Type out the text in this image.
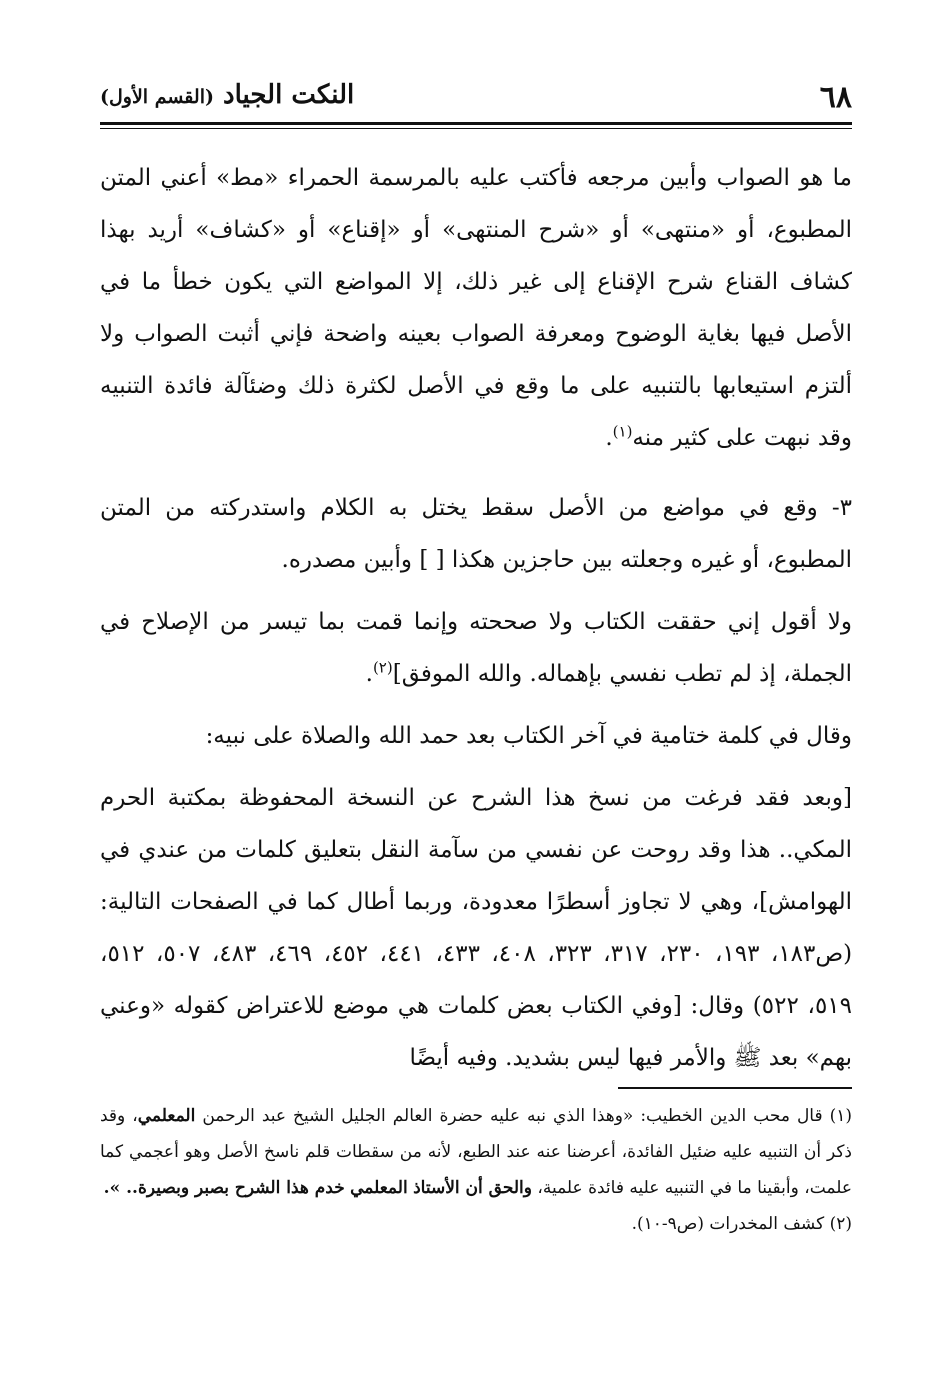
٦٨
النكت الجياد (القسم الأول)

ما هو الصواب وأبين مرجعه فأكتب عليه بالمرسمة الحمراء «مط» أعني المتن المطبوع، أو «منتهى» أو «شرح المنتهى» أو «إقناع» أو «كشاف» أريد بهذا كشاف القناع شرح الإقناع إلى غير ذلك، إلا المواضع التي يكون خطأ ما في الأصل فيها بغاية الوضوح ومعرفة الصواب بعينه واضحة فإني أثبت الصواب ولا ألتزم استيعابها بالتنبيه على ما وقع في الأصل لكثرة ذلك وضئآلة فائدة التنبيه وقد نبهت على كثير منه$^{(١)}$.

٣- وقع في مواضع من الأصل سقط يختل به الكلام واستدركته من المتن المطبوع، أو غيره وجعلته بين حاجزين هكذا [ ] وأبين مصدره.

ولا أقول إني حققت الكتاب ولا صححته وإنما قمت بما تيسر من الإصلاح في الجملة، إذ لم تطب نفسي بإهماله. والله الموفق]$^{(٢)}$.

وقال في كلمة ختامية في آخر الكتاب بعد حمد الله والصلاة على نبيه:

[وبعد فقد فرغت من نسخ هذا الشرح عن النسخة المحفوظة بمكتبة الحرم المكي.. هذا وقد روحت عن نفسي من سآمة النقل بتعليق كلمات من عندي في الهوامش]، وهي لا تجاوز أسطرًا معدودة، وربما أطال كما في الصفحات التالية: (ص١٨٣، ١٩٣، ٢٣٠، ٣١٧، ٣٢٣، ٤٠٨، ٤٣٣، ٤٤١، ٤٥٢، ٤٦٩، ٤٨٣، ٥٠٧، ٥١٢، ٥١٩، ٥٢٢) وقال: [وفي الكتاب بعض كلمات هي موضع للاعتراض كقوله «وعني بهم» بعد ﷺ والأمر فيها ليس بشديد. وفيه أيضًا

(١) قال محب الدين الخطيب: «وهذا الذي نبه عليه حضرة العالم الجليل الشيخ عبد الرحمن المعلمي، وقد ذكر أن التنبيه عليه ضئيل الفائدة، أعرضنا عنه عند الطبع، لأنه من سقطات قلم ناسخ الأصل وهو أعجمي كما علمت، وأبقينا ما في التنبيه عليه فائدة علمية، والحق أن الأستاذ المعلمي خدم هذا الشرح بصبر وبصيرة.. ».

(٢) كشف المخدرات (ص٩-١٠).
